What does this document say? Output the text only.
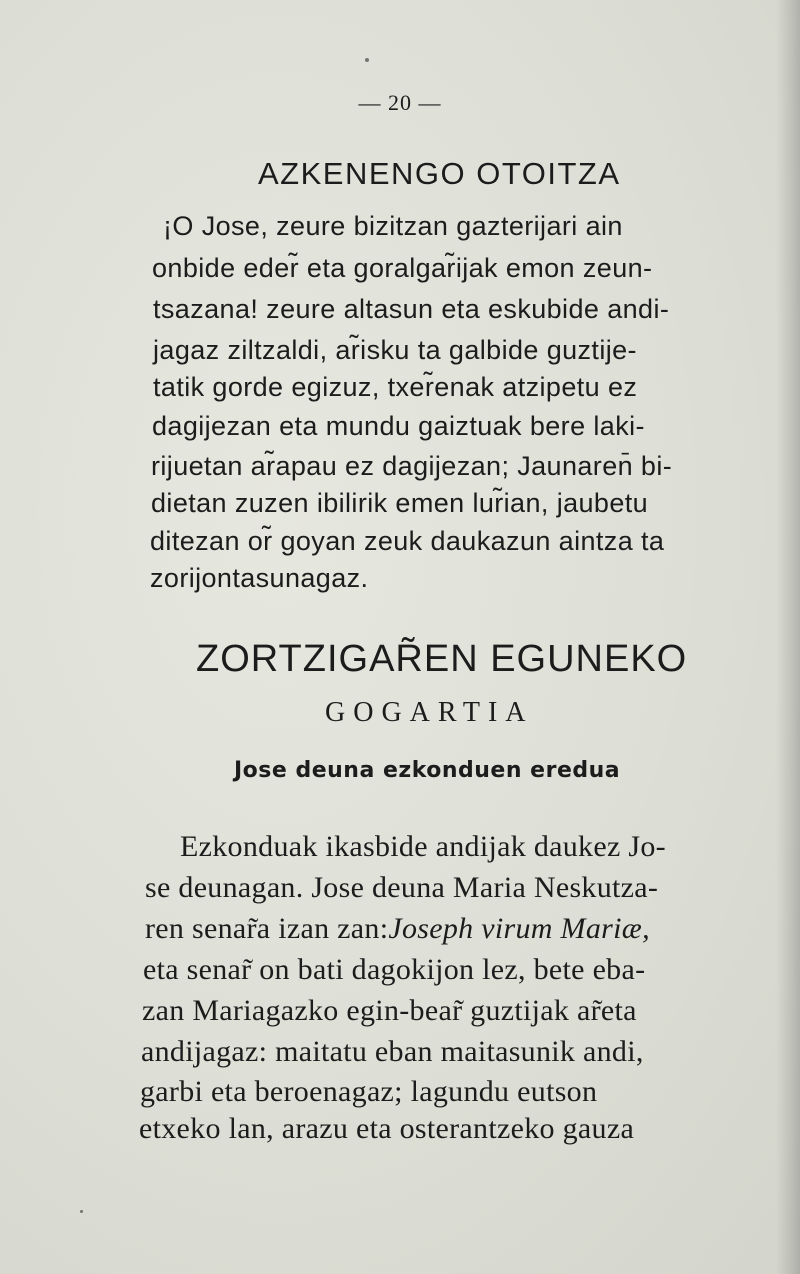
— 20 —
AZKENENGO OTOITZA
¡O Jose, zeure bizitzan gazterijari ain
onbide eder̃ eta goralgar̃ijak emon zeun-
tsazana! zeure altasun eta eskubide andi-
jagaz ziltzaldi, ar̃isku ta galbide guztije-
tatik gorde egizuz, txer̃enak atzipetu ez
dagijezan eta mundu gaiztuak bere laki-
rijuetan ar̃apau ez dagijezan; Jaunaren̄ bi-
dietan zuzen ibilirik emen lur̃ian, jaubetu
ditezan or̃ goyan zeuk daukazun aintza ta
zorijontasunagaz.
ZORTZIGAR̃EN EGUNEKO
GOGARTIA
Jose deuna ezkonduen eredua
Ezkonduak ikasbide andijak daukez Jo-
se deunagan. Jose deuna Maria Neskutza-
ren senar̃a izan zan:Joseph virum Mariæ,
eta senar̃ on bati dagokijon lez, bete eba-
zan Mariagazko egin-bear̃ guztijak ar̃eta
andijagaz: maitatu eban maitasunik andi,
garbi eta beroenagaz; lagundu eutson
etxeko lan, arazu eta osterantzeko gauza
